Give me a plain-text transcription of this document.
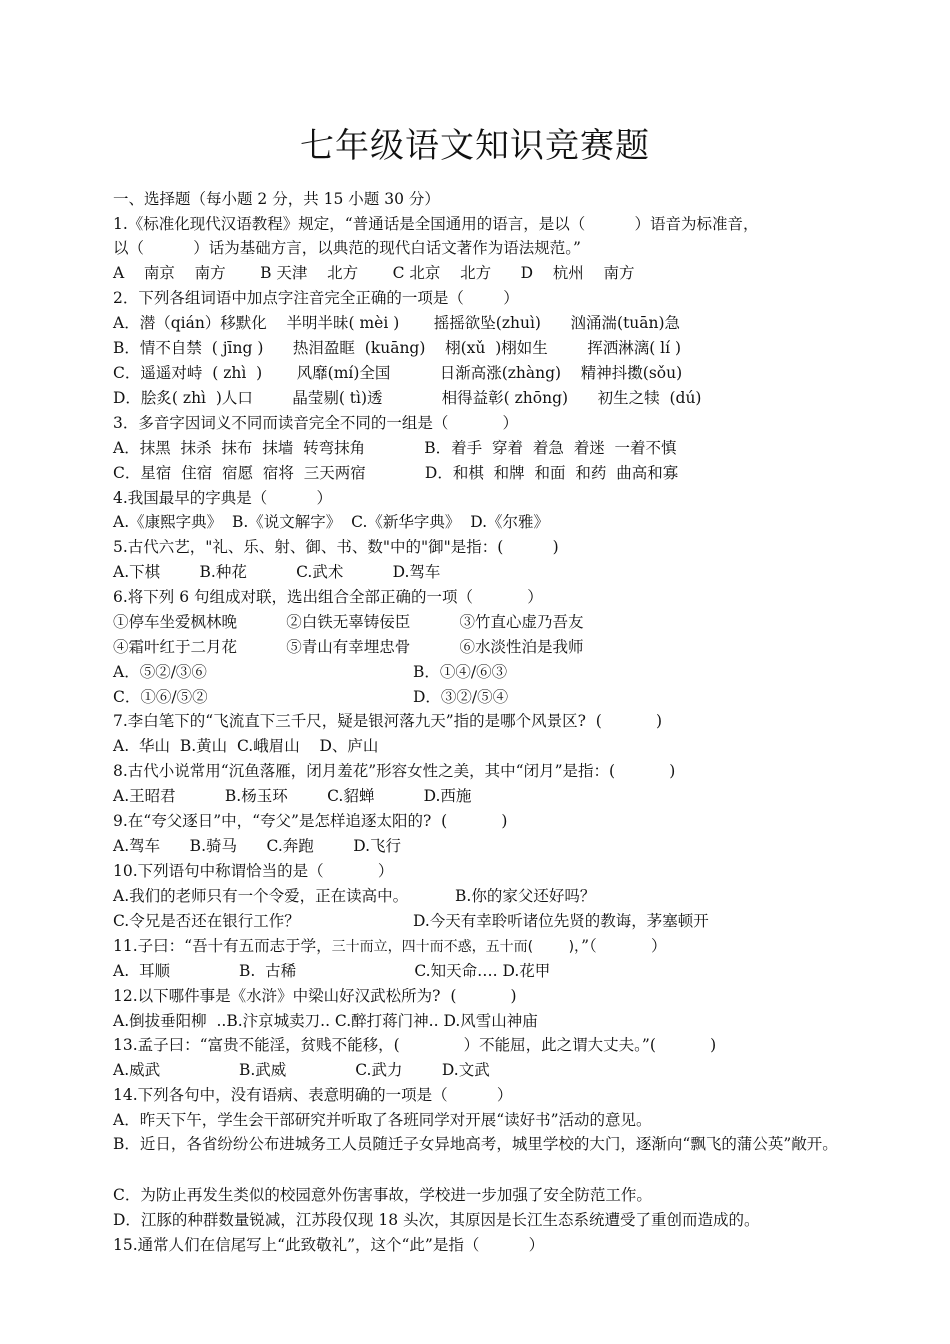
七年级语文知识竞赛题
一、选择题（每小题 2 分，共 15 小题 30 分）
1.《标准化现代汉语教程》规定，“普通话是全国通用的语言，是以（          ）语音为标准音，
以（          ）话为基础方言，以典范的现代白话文著作为语法规范。”
A    南京    南方       B 天津    北方       C 北京    北方      D    杭州    南方
2．下列各组词语中加点字注音完全正确的一项是（        ）
A．潜（qián）移默化    半明半昧( mèi )       摇摇欲坠(zhuì)      汹涌湍(tuān)急
B．情不自禁  ( jīng )      热泪盈眶  (kuāng)    栩(xǔ  )栩如生        挥洒淋漓( lí )
C．遥遥对峙  ( zhì  )       风靡(mí)全国          日渐高涨(zhàng)    精神抖擞(sǒu)
D．脍炙( zhì  )人口        晶莹剔( tì)透            相得益彰( zhōng)      初生之犊  (dú)
3．多音字因词义不同而读音完全不同的一组是（           ）
A．抹黑  抹杀  抹布  抹墙  转弯抹角            B．着手  穿着  着急  着迷  一着不慎
C．星宿  住宿  宿愿  宿将  三天两宿            D．和棋  和牌  和面  和药  曲高和寡
4.我国最早的字典是（          ）
A.《康熙字典》  B.《说文解字》  C.《新华字典》  D.《尔雅》
5.古代六艺，"礼、乐、射、御、书、数"中的"御"是指：(          )
A.下棋        B.种花          C.武术          D.驾车
6.将下列 6 句组成对联，选出组合全部正确的一项（           ）
①停车坐爱枫林晚          ②白铁无辜铸佞臣          ③竹直心虚乃吾友
④霜叶红于二月花          ⑤青山有幸埋忠骨          ⑥水淡性泊是我师
A．⑤②/③⑥	B．①④/⑥③
C．①⑥/⑤②	D．③②/⑤④
7.李白笔下的“飞流直下三千尺，疑是银河落九天”指的是哪个风景区?  (           )
A.  华山  B.黄山  C.峨眉山    D、庐山
8.古代小说常用“沉鱼落雁，闭月羞花”形容女性之美，其中“闭月”是指：(           )
A.王昭君          B.杨玉环        C.貂蝉          D.西施
9.在“夸父逐日”中，“夸父”是怎样追逐太阳的?  (           )
A.驾车      B.骑马      C.奔跑        D.飞行
10.下列语句中称谓恰当的是（           ）
A.我们的老师只有一个令爱，正在读高中。	B.你的家父还好吗？
C.令兄是否还在银行工作？	D.今天有幸聆听诸位先贤的教诲，茅塞顿开
11.子曰：“吾十有五而志于学，三十而立，四十而不惑，五十而(        )，”（           ）
A.  耳顺              B.  古稀                        C.知天命…. D.花甲
12.以下哪件事是《水浒》中梁山好汉武松所为?  (           )
A.倒拔垂阳柳  ..B.汴京城卖刀.. C.醉打蒋门神.. D.风雪山神庙
13.孟子曰：“富贵不能淫，贫贱不能移，(             ）不能屈，此之谓大丈夫。”(           )
A.威武                B.武威              C.武力        D.文武
14.下列各句中，没有语病、表意明确的一项是（          ）
A．昨天下午，学生会干部研究并听取了各班同学对开展“读好书”活动的意见。
B．近日，各省纷纷公布进城务工人员随迁子女异地高考，城里学校的大门，逐渐向“飘飞的蒲公英”敞开。
C．为防止再发生类似的校园意外伤害事故，学校进一步加强了安全防范工作。
D．江豚的种群数量锐减，江苏段仅现 18 头次，其原因是长江生态系统遭受了重创而造成的。
15.通常人们在信尾写上“此致敬礼”，这个“此”是指（          ）
